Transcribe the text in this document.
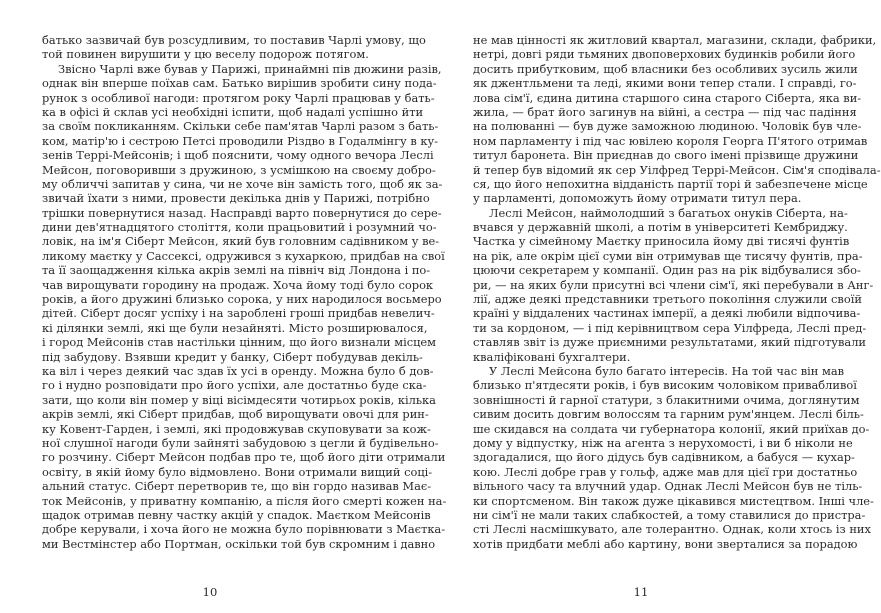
батько зазвичай був розсудливим, то поставив Чарлі умову, що
той повинен вирушити у цю веселу подорож потягом.
Звісно Чарлі вже бував у Парижі, принаймні пів дюжини разів,
однак він вперше поїхав сам. Батько вирішив зробити сину пода-
рунок з особливої нагоди: протягом року Чарлі працював у бать-
ка в офісі й склав усі необхідні іспити, щоб надалі успішно йти
за своїм покликанням. Скільки себе пам'ятав Чарлі разом з бать-
ком, матір'ю і сестрою Петсі проводили Різдво в Годалмінгу в ку-
зенів Террі-Мейсонів; і щоб пояснити, чому одного вечора Леслі
Мейсон, поговоривши з дружиною, з усмішкою на своєму добро-
му обличчі запитав у сина, чи не хоче він замість того, щоб як за-
звичай їхати з ними, провести декілька днів у Парижі, потрібно
трішки повернутися назад. Насправді варто повернутися до сере-
дини дев'ятнадцятого століття, коли працьовитий і розумний чо-
ловік, на ім'я Сіберт Мейсон, який був головним садівником у ве-
ликому маєтку у Сассексі, одружився з кухаркою, придбав на свої
та її заощадження кілька акрів землі на північ від Лондона і по-
чав вирощувати городину на продаж. Хоча йому тоді було сорок
років, а його дружині близько сорока, у них народилося восьмеро
дітей. Сіберт досяг успіху і на зароблені гроші придбав невелич-
кі ділянки землі, які ще були незайняті. Місто розширювалося,
і город Мейсонів став настільки цінним, що його визнали місцем
під забудову. Взявши кредит у банку, Сіберт побудував декіль-
ка віл і через деякий час здав їх усі в оренду. Можна було б дов-
го і нудно розповідати про його успіхи, але достатньо буде ска-
зати, що коли він помер у віці вісімдесяти чотирьох років, кілька
акрів землі, які Сіберт придбав, щоб вирощувати овочі для рин-
ку Ковент-Гарден, і землі, які продовжував скуповувати за кож-
ної слушної нагоди були зайняті забудовою з цегли й будівельно-
го розчину. Сіберт Мейсон подбав про те, щоб його діти отримали
освіту, в якій йому було відмовлено. Вони отримали вищий соці-
альний статус. Сіберт перетворив те, що він гордо називав Має-
ток Мейсонів, у приватну компанію, а після його смерті кожен на-
щадок отримав певну частку акцій у спадок. Маєтком Мейсонів
добре керували, і хоча його не можна було порівнювати з Маєтка-
ми Вестмінстер або Портман, оскільки той був скромним і давно
10
не мав цінності як житловий квартал, магазини, склади, фабрики,
нетрі, довгі ряди тьмяних двоповерхових будинків робили його
досить прибутковим, щоб власники без особливих зусиль жили
як джентльмени та леді, якими вони тепер стали. І справді, го-
лова сім'ї, єдина дитина старшого сина старого Сіберта, яка ви-
жила, — брат його загинув на війні, а сестра — під час падіння
на полюванні — був дуже заможною людиною. Чоловік був чле-
ном парламенту і під час ювілею короля Георга П'ятого отримав
титул баронета. Він приєднав до свого імені прізвище дружини
й тепер був відомий як сер Уілфред Террі-Мейсон. Сім'я сподівала-
ся, що його непохитна відданість партії торі й забезпечене місце
у парламенті, допоможуть йому отримати титул пера.
Леслі Мейсон, наймолодший з багатьох онуків Сіберта, на-
вчався у державній школі, а потім в університеті Кембриджу.
Частка у сімейному Маєтку приносила йому дві тисячі фунтів
на рік, але окрім цієї суми він отримував ще тисячу фунтів, пра-
цюючи секретарем у компанії. Один раз на рік відбувалися збо-
ри, — на яких були присутні всі члени сім'ї, які перебували в Анг-
лії, адже деякі представники третього покоління служили своїй
країні у віддалених частинах імперії, а деякі любили відпочива-
ти за кордоном, — і під керівництвом сера Уілфреда, Леслі пред-
ставляв звіт із дуже приємними результатами, який підготували
кваліфіковані бухгалтери.
У Леслі Мейсона було багато інтересів. На той час він мав
близько п'ятдесяти років, і був високим чоловіком привабливої
зовнішності й гарної статури, з блакитними очима, доглянутим
сивим досить довгим волоссям та гарним рум'янцем. Леслі біль-
ше скидався на солдата чи губернатора колонії, який приїхав до-
дому у відпустку, ніж на агента з нерухомості, і ви б ніколи не
здогадалися, що його дідусь був садівником, а бабуся — кухар-
кою. Леслі добре грав у гольф, адже мав для цієї гри достатньо
вільного часу та влучний удар. Однак Леслі Мейсон був не тіль-
ки спортсменом. Він також дуже цікавився мистецтвом. Інші чле-
ни сім'ї не мали таких слабкостей, а тому ставилися до пристра-
сті Леслі насмішкувато, але толерантно. Однак, коли хтось із них
хотів придбати меблі або картину, вони зверталися за порадою
11
